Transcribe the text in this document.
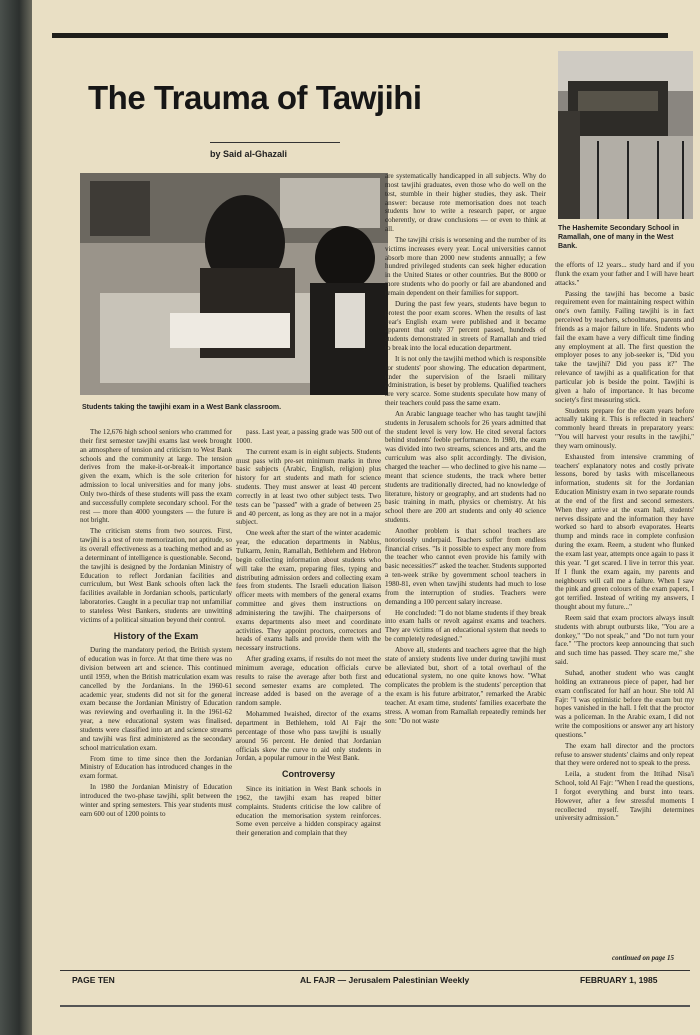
The Trauma of Tawjihi
by Said al-Ghazali
Students taking the tawjihi exam in a West Bank classroom.
The Hashemite Secondary School in Ramallah, one of many in the West Bank.

The 12,676 high school seniors who crammed for their first semester tawjihi exams last week brought an atmosphere of tension and criticism to West Bank schools and the community at large. The tension derives from the make-it-or-break-it importance given the exam, which is the sole criterion for admission to local universities and for many jobs. Only two-thirds of these students will pass the exam and successfully complete secondary school. For the rest — more than 4000 youngsters — the future is not bright.

The criticism stems from two sources. First, tawjihi is a test of rote memorization, not aptitude, so its overall effectiveness as a teaching method and as a determinant of intelligence is questionable. Second, the tawjihi is designed by the Jordanian Ministry of Education to reflect Jordanian facilities and curriculum, but West Bank schools often lack the facilities available in Jordanian schools, particularly laboratories. Caught in a peculiar trap not unfamiliar to stateless West Bankers, students are unwitting victims of a political situation beyond their control.

History of the Exam

During the mandatory period, the British system of education was in force. At that time there was no division between art and science. This continued until 1959, when the British matriculation exam was cancelled by the Jordanians. In the 1960-61 academic year, students did not sit for the general exam because the Jordanian Ministry of Education was reviewing and overhauling it. In the 1961-62 year, a new educational system was finalised, students were classified into art and science streams and tawjihi was first administered as the secondary school matriculation exam.

From time to time since then the Jordanian Ministry of Education has introduced changes in the exam format.

In 1980 the Jordanian Ministry of Education introduced the two-phase tawjihi, split between the winter and spring semesters. This year students must earn 600 out of 1200 points to

pass. Last year, a passing grade was 500 out of 1000.

The current exam is in eight subjects. Students must pass with pre-set minimum marks in three basic subjects (Arabic, English, religion) plus history for art students and math for science students. They must answer at least 40 percent correctly in at least two other subject tests. Two tests can be "passed" with a grade of between 25 and 40 percent, as long as they are not in a major subject.

One week after the start of the winter academic year, the education departments in Nablus, Tulkarm, Jenin, Ramallah, Bethlehem and Hebron begin collecting information about students who will take the exam, preparing files, typing and distributing admission orders and collecting exam fees from students. The Israeli education liaison officer meets with members of the general exams committee and gives them instructions on administering the tawjihi. The chairpersons of exams departments also meet and coordinate activities. They appoint proctors, correctors and heads of exams halls and provide them with the necessary instructions.

After grading exams, if results do not meet the minimum average, education officials curve results to raise the average after both first and second semester exams are completed. The increase added is based on the average of a random sample.

Mohammed Iwaished, director of the exams department in Bethlehem, told Al Fajr the percentage of those who pass tawjihi is usually around 56 percent. He denied that Jordanian officials skew the curve to aid only students in Jordan, a popular rumour in the West Bank.

Controversy

Since its initiation in West Bank schools in 1962, the tawjihi exam has reaped bitter complaints. Students criticise the low calibre of education the memorisation system reinforces. Some even perceive a hidden conspiracy against their generation and complain that they

are systematically handicapped in all subjects. Why do most tawjihi graduates, even those who do well on the test, stumble in their higher studies, they ask. Their answer: because rote memorisation does not teach students how to write a research paper, or argue coherently, or draw conclusions — or even to think at all.

The tawjihi crisis is worsening and the number of its victims increases every year. Local universities cannot absorb more than 2000 new students annually; a few hundred privileged students can seek higher education in the United States or other countries. But the 8000 or more students who do poorly or fail are abandoned and remain dependent on their families for support.

During the past few years, students have begun to protest the poor exam scores. When the results of last year's English exam were published and it became apparent that only 37 percent passed, hundreds of students demonstrated in streets of Ramallah and tried to break into the local education department.

It is not only the tawjihi method which is responsible for students' poor showing. The education department, under the supervision of the Israeli military administration, is beset by problems. Qualified teachers are very scarce. Some students speculate how many of their teachers could pass the same exam.

An Arabic language teacher who has taught tawjihi students in Jerusalem schools for 26 years admitted that the student level is very low. He cited several factors behind students' feeble performance. In 1980, the exam was divided into two streams, sciences and arts, and the curriculum was also split accordingly. The division, charged the teacher — who declined to give his name — meant that science students, the track where better students are traditionally directed, had no knowledge of literature, history or geography, and art students had no basic training in math, physics or chemistry. At his school there are 200 art students and only 40 science students.

Another problem is that school teachers are notoriously underpaid. Teachers suffer from endless financial crises. "Is it possible to expect any more from the teacher who cannot even provide his family with basic necessities?" asked the teacher. Students supported a ten-week strike by government school teachers in 1980-81, even when tawjihi students had much to lose from the interruption of studies. Teachers were demanding a 100 percent salary increase.

He concluded: "I do not blame students if they break into exam halls or revolt against exams and teachers. They are victims of an educational system that needs to be completely redesigned."

Above all, students and teachers agree that the high state of anxiety students live under during tawjihi must be alleviated but, short of a total overhaul of the educational system, no one quite knows how. "What complicates the problem is the students' perception that the exam is his future arbitrator," remarked the Arabic teacher. At exam time, students' families exacerbate the stress. A woman from Ramallah repeatedly reminds her son: "Do not waste

the efforts of 12 years... study hard and if you flunk the exam your father and I will have heart attacks."

Passing the tawjihi has become a basic requirement even for maintaining respect within one's own family. Failing tawjihi is in fact perceived by teachers, schoolmates, parents and friends as a major failure in life. Students who fail the exam have a very difficult time finding any employment at all. The first question the employer poses to any job-seeker is, "Did you take the tawjihi? Did you pass it?" The relevance of tawjihi as a qualification for that particular job is beside the point. Tawjihi is given a halo of importance. It has become society's first measuring stick.

Students prepare for the exam years before actually taking it. This is reflected in teachers' commonly heard threats in preparatory years: "You will harvest your results in the tawjihi," they warn ominously.

Exhausted from intensive cramming of teachers' explanatory notes and costly private lessons, bored by tasks with miscellaneous information, students sit for the Jordanian Education Ministry exam in two separate rounds at the end of the first and second semesters. When they arrive at the exam hall, students' nerves dissipate and the information they have worked so hard to absorb evaporates. Hearts thump and minds race in complete confusion during the exam. Reem, a student who flunked the exam last year, attempts once again to pass it this year. "I get scared. I live in terror this year. If I flunk the exam again, my parents and neighbours will call me a failure. When I saw the pink and green colours of the exam papers, I got terrified. Instead of writing my answers, I thought about my future..."

Reem said that exam proctors always insult students with abrupt outbursts like, "You are a donkey," "Do not speak," and "Do not turn your face." "The proctors keep announcing that such and such time has passed. They scare me," she said.

Suhad, another student who was caught holding an extraneous piece of paper, had her exam confiscated for half an hour. She told Al Fajr: "I was optimistic before the exam but my hopes vanished in the hall. I felt that the proctor was a policeman. In the Arabic exam, I did not write the compositions or answer any art history questions."

The exam hall director and the proctors refuse to answer students' claims and only repeat that they were ordered not to speak to the press.

Leila, a student from the Ittihad Nisa'i School, told Al Fajr: "When I read the questions, I forgot everything and burst into tears. However, after a few stressful moments I recollected myself. Tawjihi determines university admission."

continued on page 15
PAGE TEN	AL FAJR — Jerusalem Palestinian Weekly	FEBRUARY 1, 1985
